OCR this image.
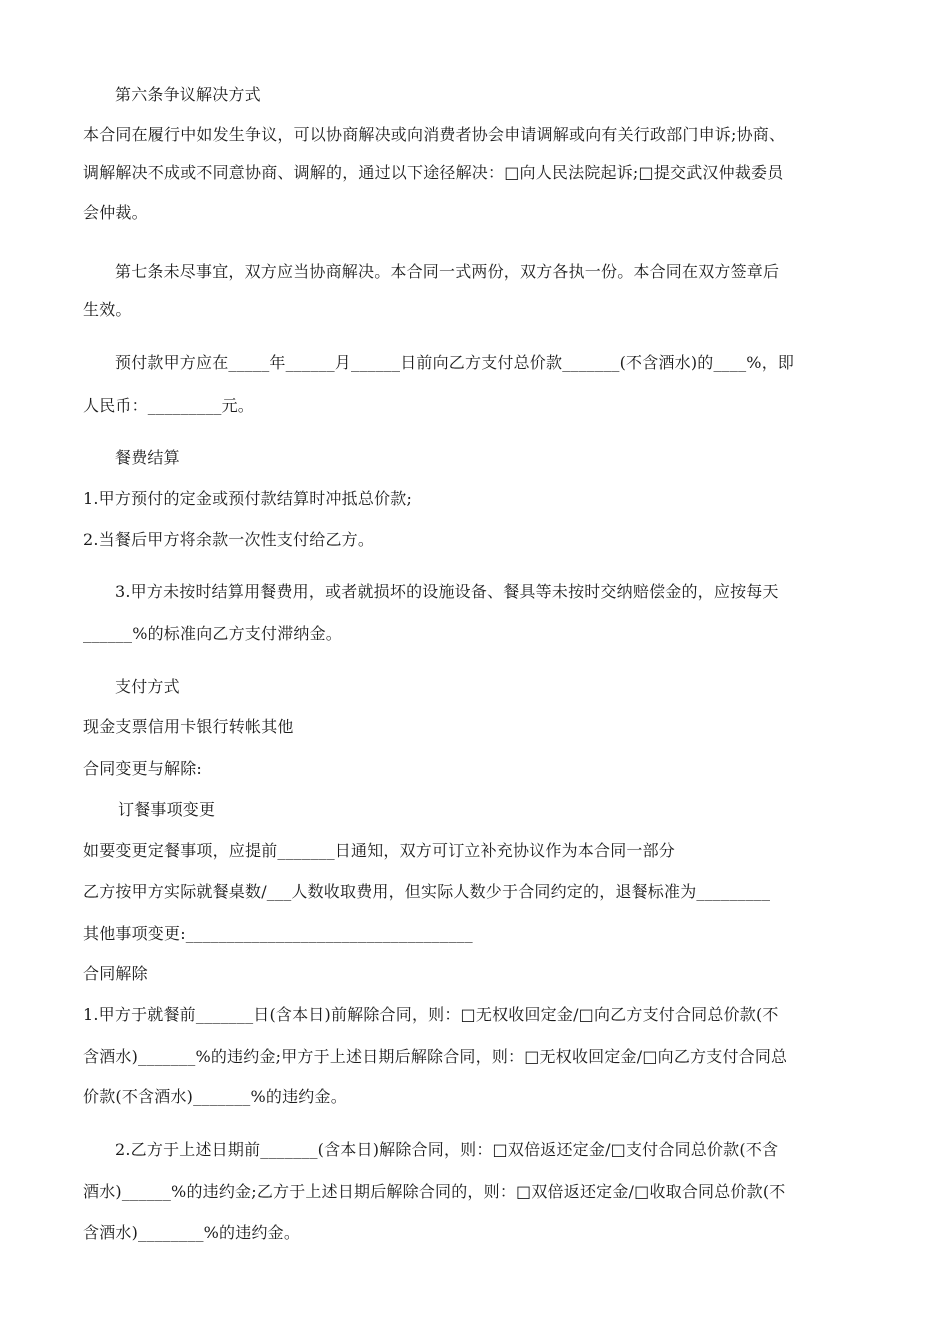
第六条争议解决方式
本合同在履行中如发生争议，可以协商解决或向消费者协会申请调解或向有关行政部门申诉;协商、
调解解决不成或不同意协商、调解的，通过以下途径解决：□向人民法院起诉;□提交武汉仲裁委员
会仲裁。
第七条未尽事宜，双方应当协商解决。本合同一式两份，双方各执一份。本合同在双方签章后
生效。
预付款甲方应在_____年______月______日前向乙方支付总价款_______(不含酒水)的____%，即
人民币：_________元。
餐费结算
1.甲方预付的定金或预付款结算时冲抵总价款;
2.当餐后甲方将余款一次性支付给乙方。
3.甲方未按时结算用餐费用，或者就损坏的设施设备、餐具等未按时交纳赔偿金的，应按每天
______%的标准向乙方支付滞纳金。
支付方式
现金支票信用卡银行转帐其他
合同变更与解除:
订餐事项变更
如要变更定餐事项，应提前_______日通知，双方可订立补充协议作为本合同一部分
乙方按甲方实际就餐桌数/___人数收取费用，但实际人数少于合同约定的，退餐标准为_________
其他事项变更:___________________________________
合同解除
1.甲方于就餐前_______日(含本日)前解除合同，则：□无权收回定金/□向乙方支付合同总价款(不
含酒水)_______%的违约金;甲方于上述日期后解除合同，则：□无权收回定金/□向乙方支付合同总
价款(不含酒水)_______%的违约金。
2.乙方于上述日期前_______(含本日)解除合同，则：□双倍返还定金/□支付合同总价款(不含
酒水)______%的违约金;乙方于上述日期后解除合同的，则：□双倍返还定金/□收取合同总价款(不
含酒水)________%的违约金。
